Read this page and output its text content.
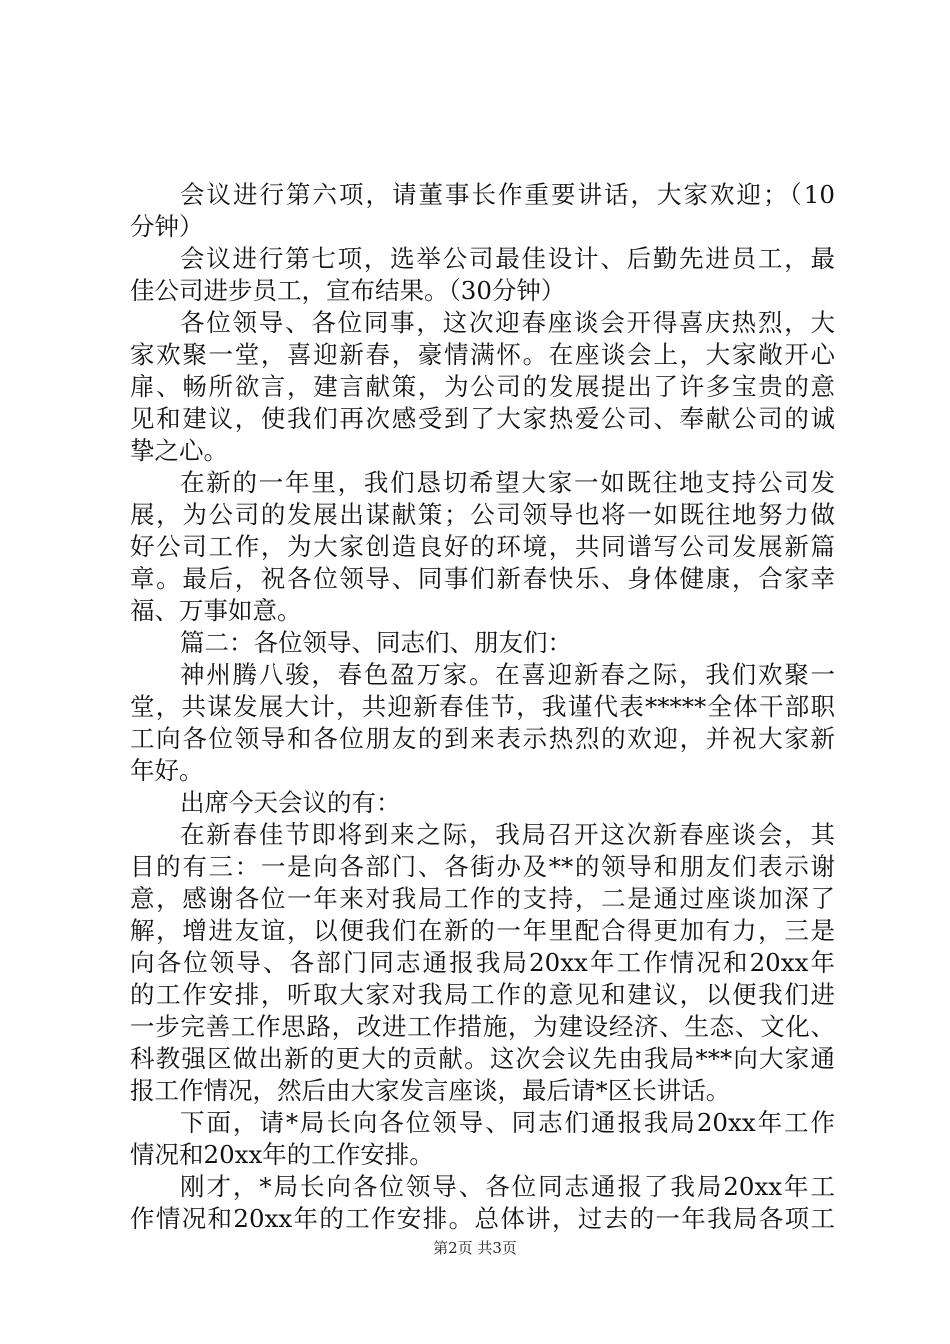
会议进行第六项，请董事长作重要讲话，大家欢迎；（10
分钟）
会议进行第七项，选举公司最佳设计、后勤先进员工，最
佳公司进步员工，宣布结果。（30分钟）
各位领导、各位同事，这次迎春座谈会开得喜庆热烈，大
家欢聚一堂，喜迎新春，豪情满怀。在座谈会上，大家敞开心
扉、畅所欲言，建言献策，为公司的发展提出了许多宝贵的意
见和建议，使我们再次感受到了大家热爱公司、奉献公司的诚
挚之心。
在新的一年里，我们恳切希望大家一如既往地支持公司发
展，为公司的发展出谋献策；公司领导也将一如既往地努力做
好公司工作，为大家创造良好的环境，共同谱写公司发展新篇
章。最后，祝各位领导、同事们新春快乐、身体健康，合家幸
福、万事如意。
篇二：各位领导、同志们、朋友们：
神州腾八骏，春色盈万家。在喜迎新春之际，我们欢聚一
堂，共谋发展大计，共迎新春佳节，我谨代表*****全体干部职
工向各位领导和各位朋友的到来表示热烈的欢迎，并祝大家新
年好。
出席今天会议的有：
在新春佳节即将到来之际，我局召开这次新春座谈会，其
目的有三：一是向各部门、各街办及**的领导和朋友们表示谢
意，感谢各位一年来对我局工作的支持，二是通过座谈加深了
解，增进友谊，以便我们在新的一年里配合得更加有力，三是
向各位领导、各部门同志通报我局20xx年工作情况和20xx年
的工作安排，听取大家对我局工作的意见和建议，以便我们进
一步完善工作思路，改进工作措施，为建设经济、生态、文化、
科教强区做出新的更大的贡献。这次会议先由我局***向大家通
报工作情况，然后由大家发言座谈，最后请*区长讲话。
下面，请*局长向各位领导、同志们通报我局20xx年工作
情况和20xx年的工作安排。
刚才，*局长向各位领导、各位同志通报了我局20xx年工
作情况和20xx年的工作安排。总体讲，过去的一年我局各项工
第2页 共3页
